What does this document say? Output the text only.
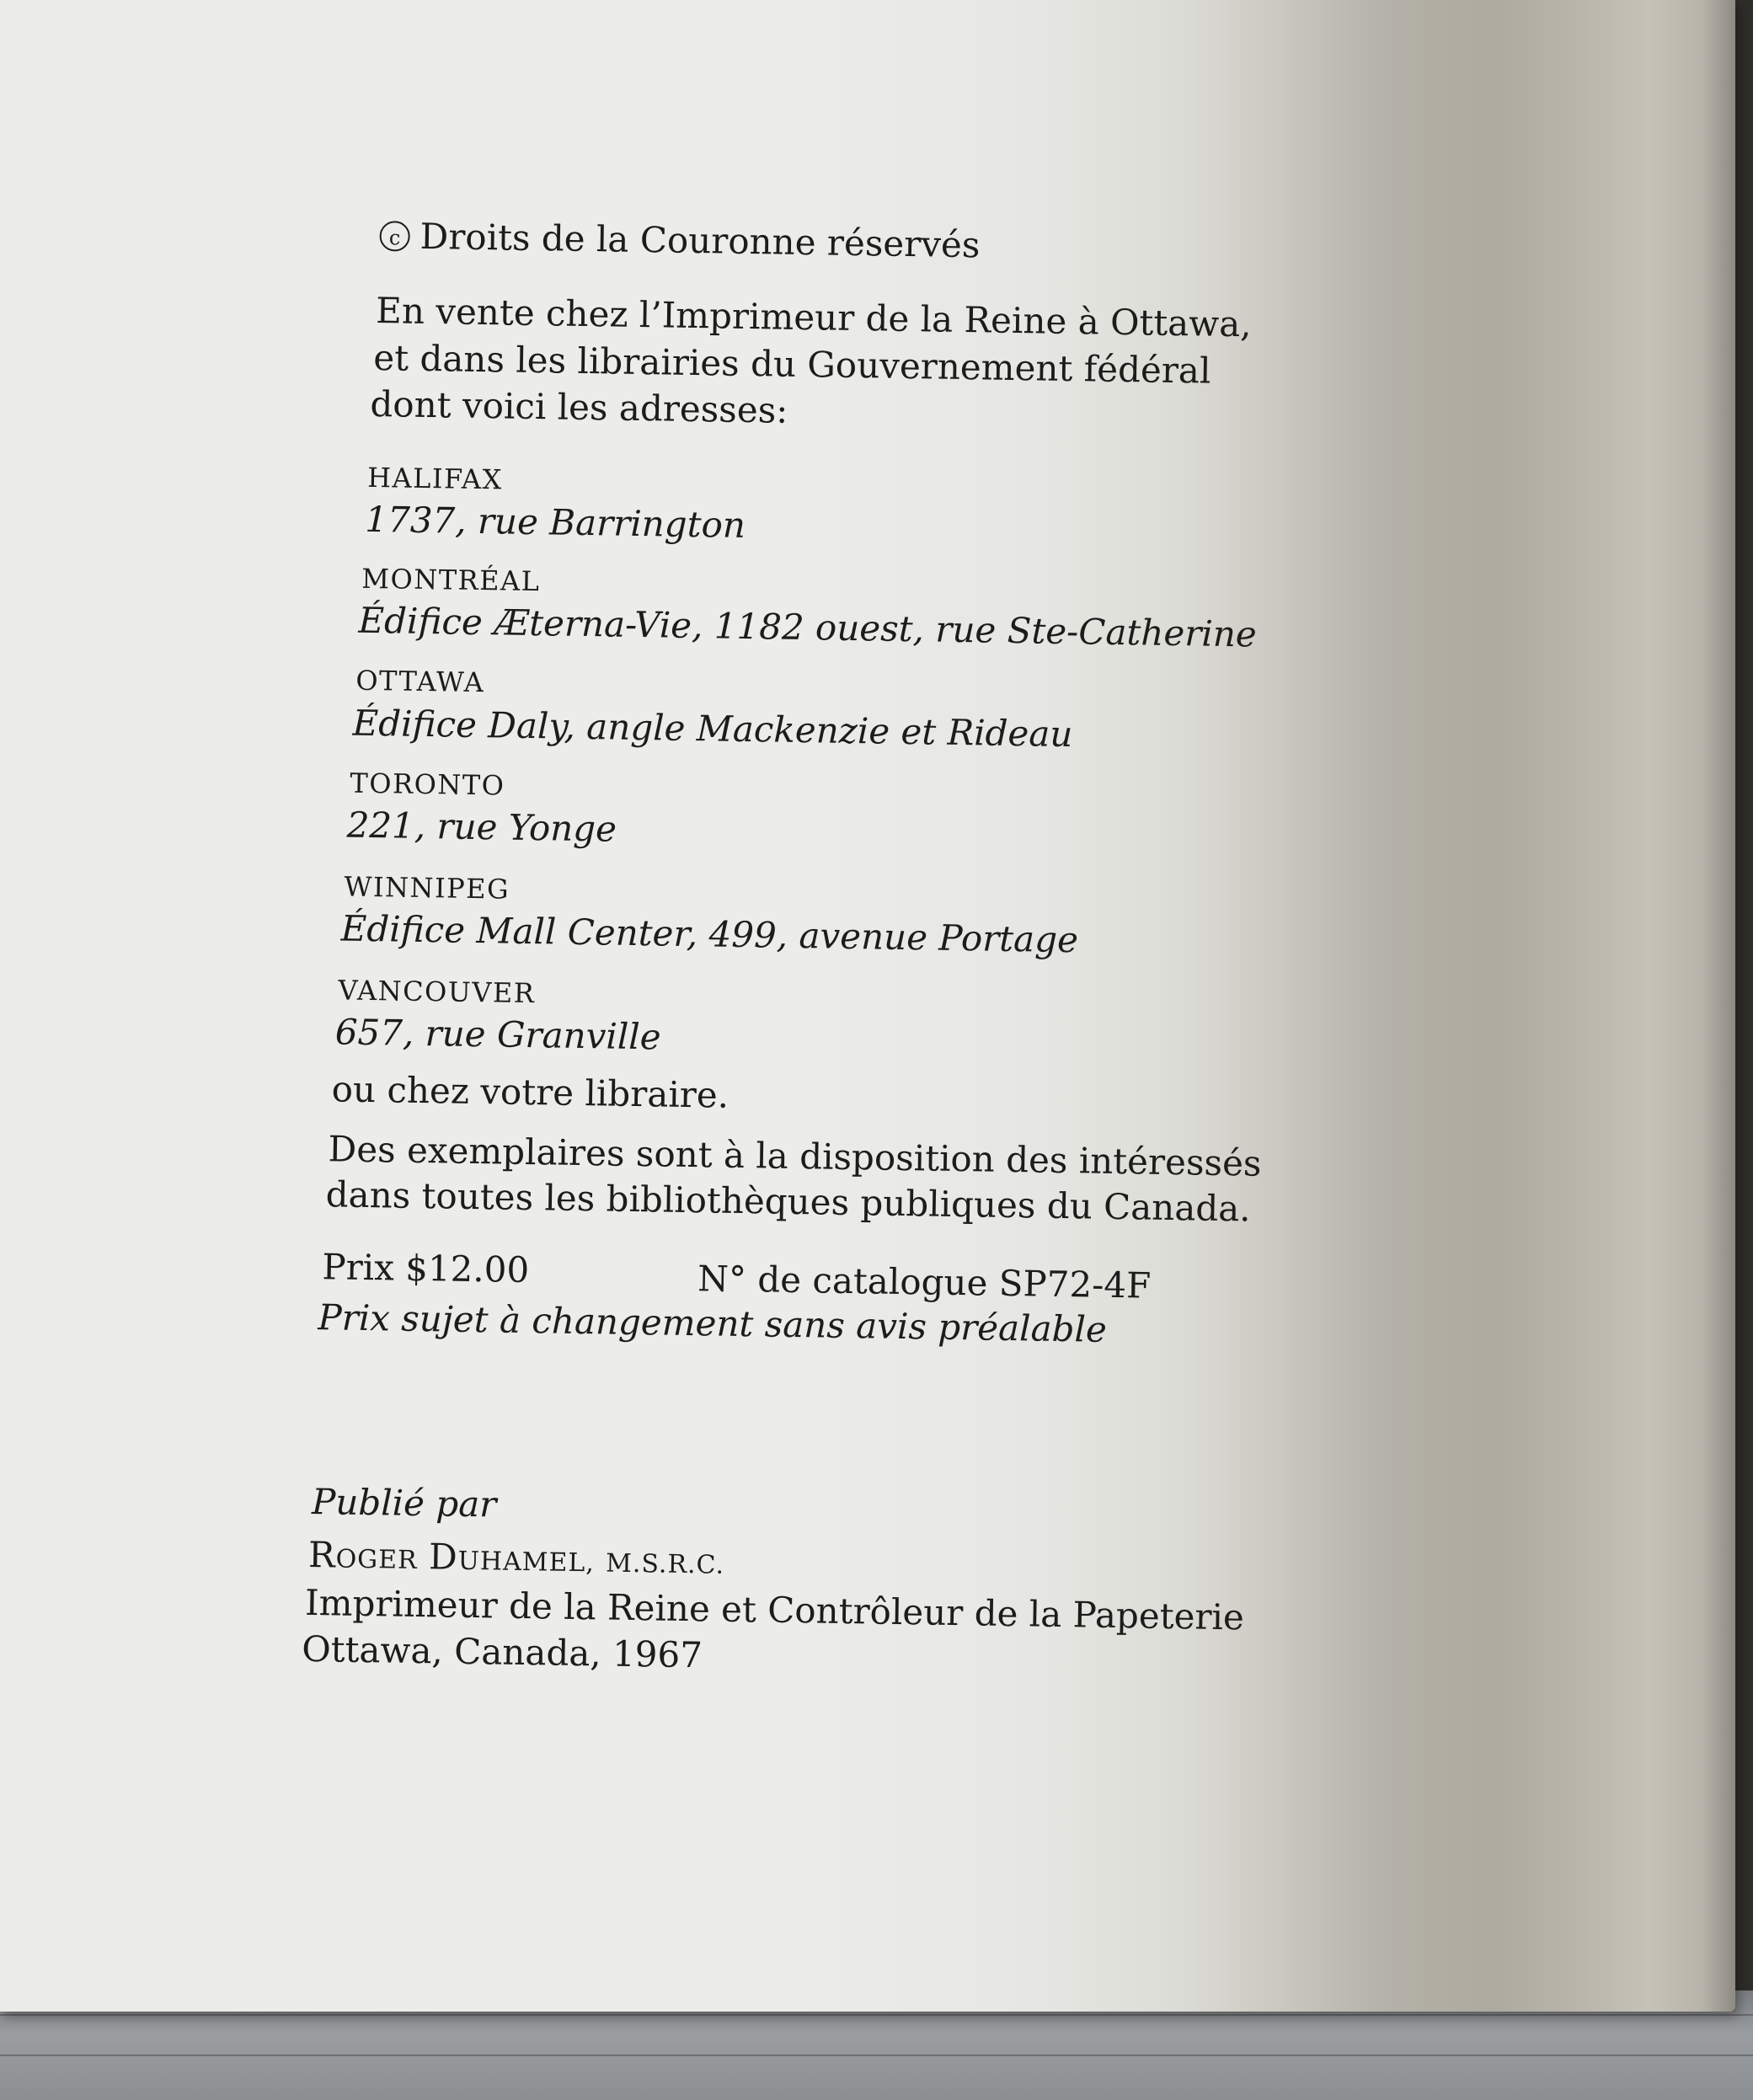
c Droits de la Couronne réservés
En vente chez l’Imprimeur de la Reine à Ottawa,
et dans les librairies du Gouvernement fédéral
dont voici les adresses:
HALIFAX
1737, rue Barrington
MONTRÉAL
Édifice Æterna-Vie, 1182 ouest, rue Ste-Catherine
OTTAWA
Édifice Daly, angle Mackenzie et Rideau
TORONTO
221, rue Yonge
WINNIPEG
Édifice Mall Center, 499, avenue Portage
VANCOUVER
657, rue Granville
ou chez votre libraire.
Des exemplaires sont à la disposition des intéressés
dans toutes les bibliothèques publiques du Canada.
Prix $12.00	N° de catalogue SP72-4F
Prix sujet à changement sans avis préalable
Publié par
ROGER DUHAMEL, M.S.R.C.
Imprimeur de la Reine et Contrôleur de la Papeterie
Ottawa, Canada, 1967
